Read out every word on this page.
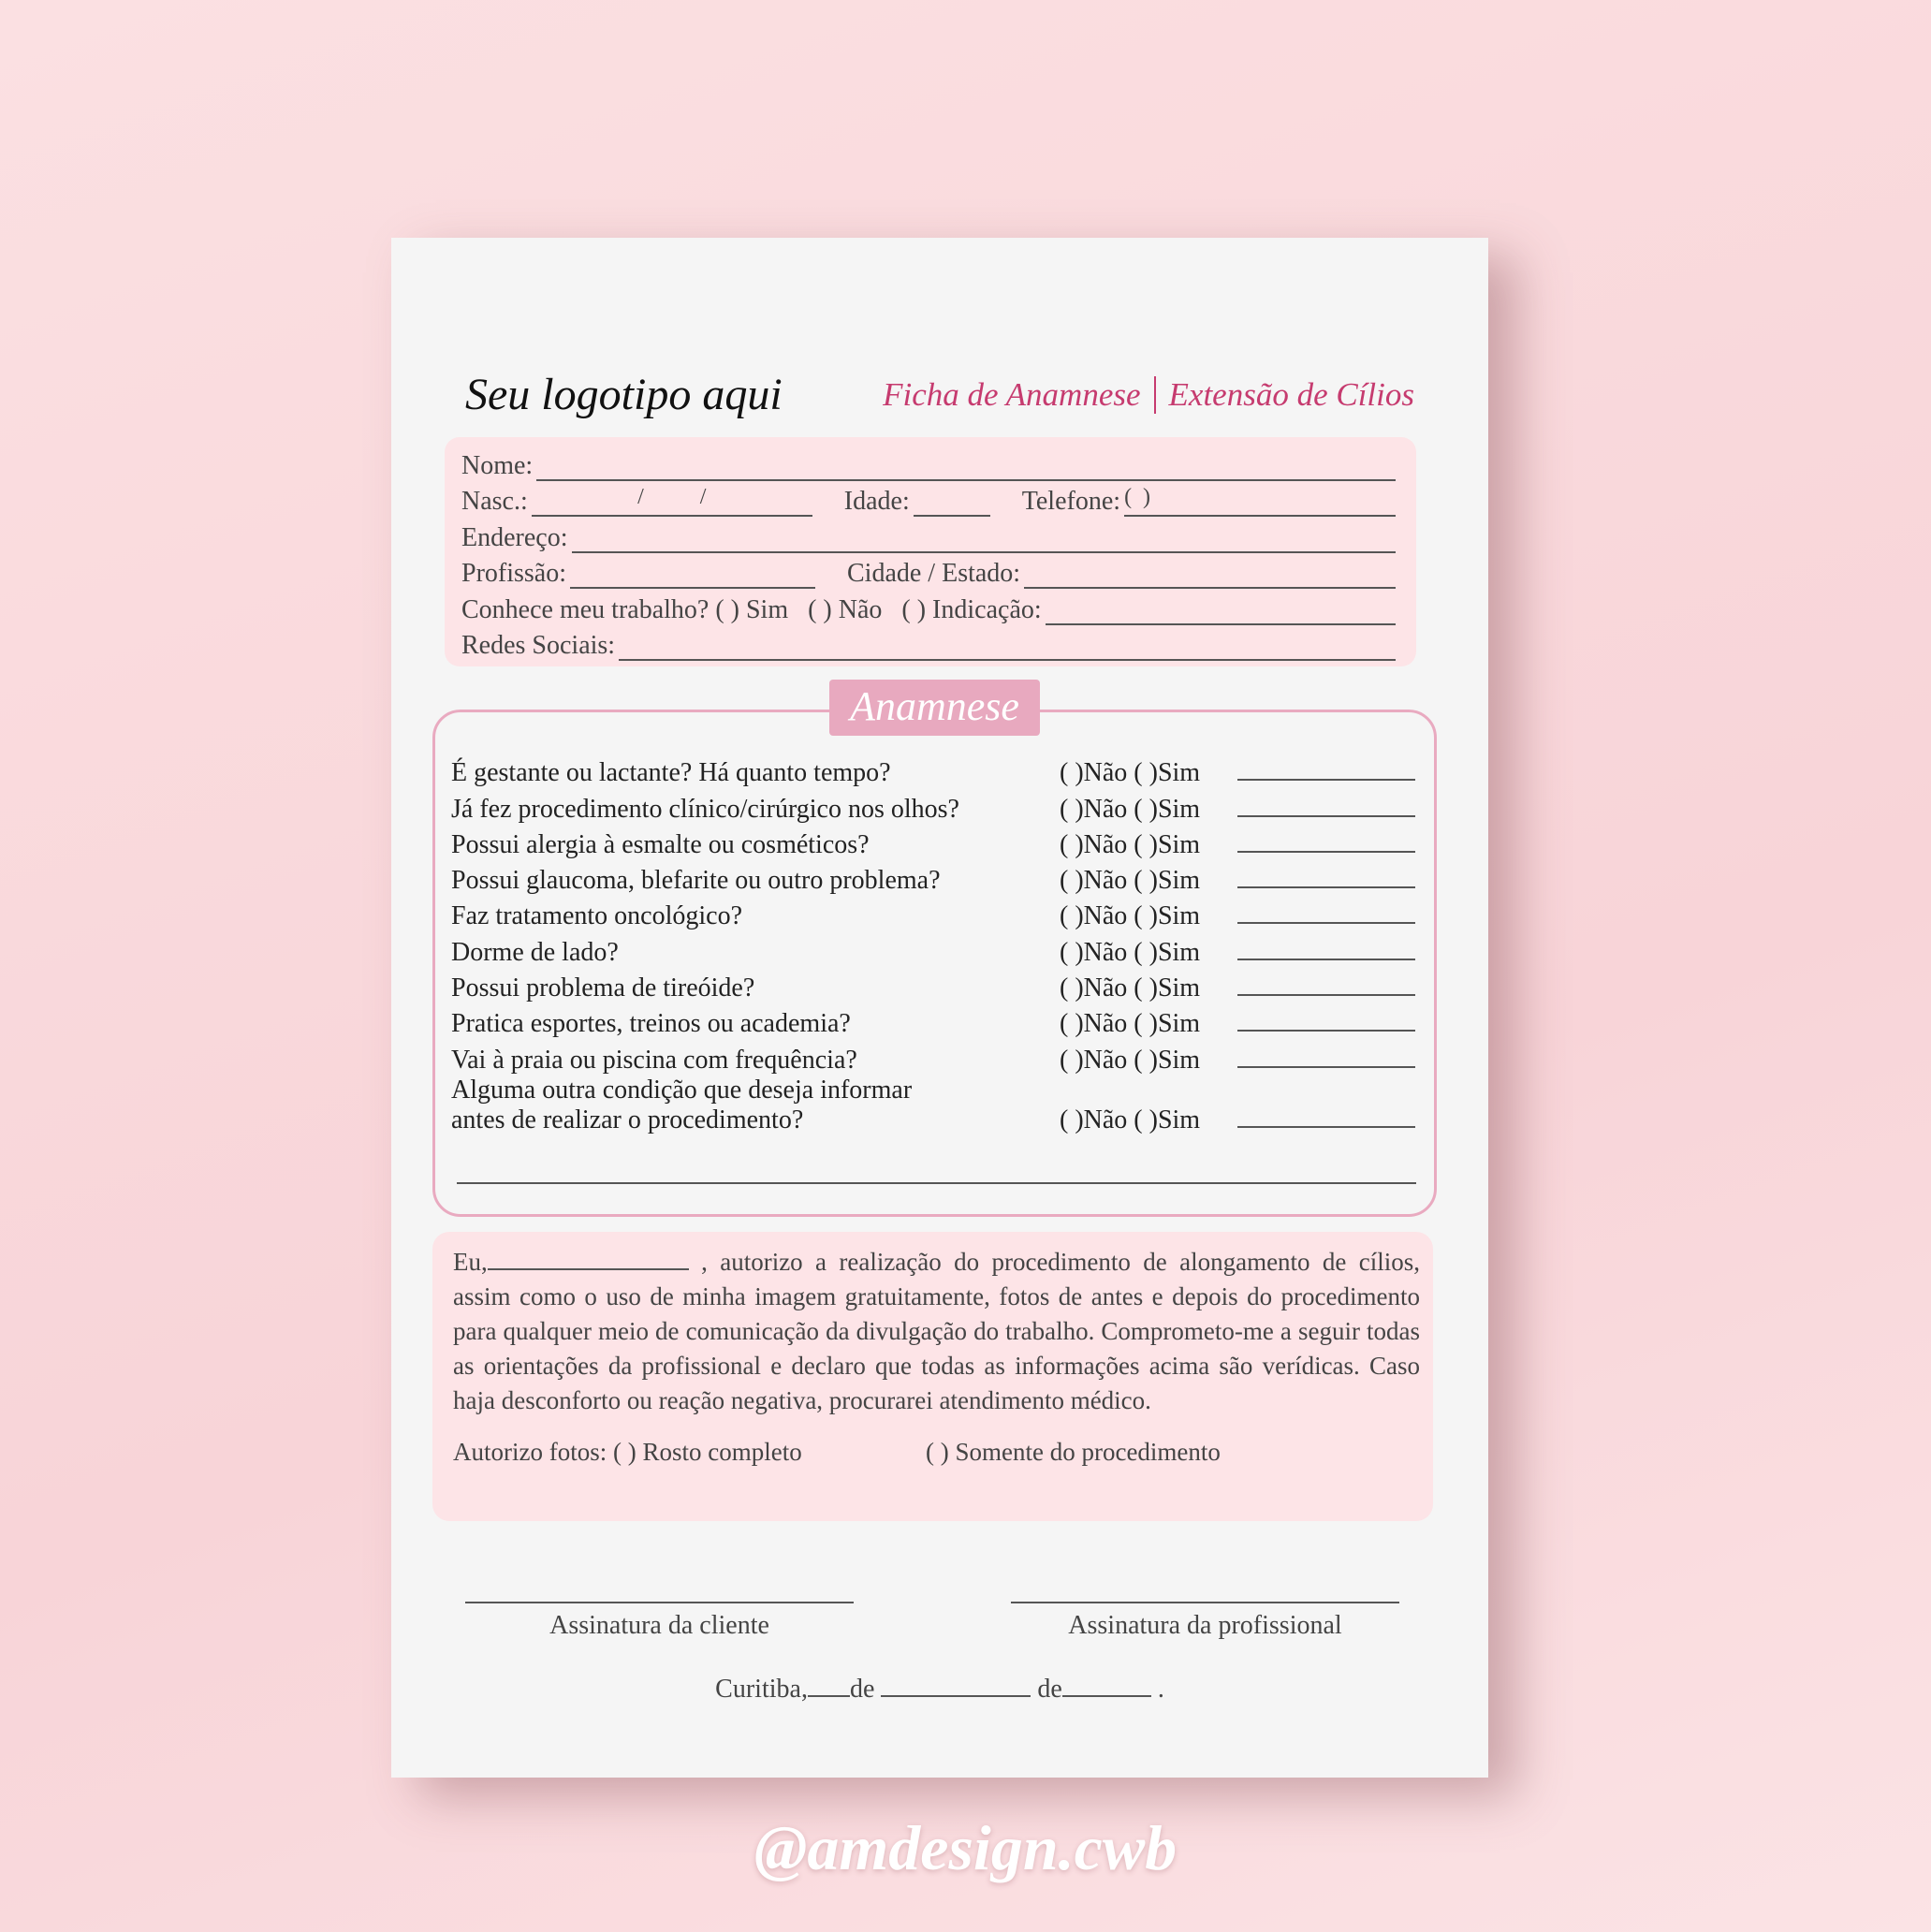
Seu logotipo aqui	Ficha de Anamnese Extensão de Cílios
Nome:
Nasc.:	/          /	Idade:	Telefone: (  )
Endereço:
Profissão:	Cidade / Estado:
Conhece meu trabalho? ( ) Sim   ( ) Não   ( ) Indicação:
Redes Sociais:
Anamnese
É gestante ou lactante? Há quanto tempo?	( )Não ( )Sim
Já fez procedimento clínico/cirúrgico nos olhos?	( )Não ( )Sim
Possui alergia à esmalte ou cosméticos?	( )Não ( )Sim
Possui glaucoma, blefarite ou outro problema?	( )Não ( )Sim
Faz tratamento oncológico?	( )Não ( )Sim
Dorme de lado?	( )Não ( )Sim
Possui problema de tireóide?	( )Não ( )Sim
Pratica esportes, treinos ou academia?	( )Não ( )Sim
Vai à praia ou piscina com frequência?	( )Não ( )Sim
Alguma outra condição que deseja informar
antes de realizar o procedimento?	( )Não ( )Sim

Eu,	, autorizo a realização do procedimento de alongamento de cílios, assim como o uso de minha imagem gratuitamente, fotos de antes e depois do procedimento para qualquer meio de comunicação da divulgação do trabalho. Comprometo-me a seguir todas as orientações da profissional e declaro que todas as informações acima são verídicas. Caso haja desconforto ou reação negativa, procurarei atendimento médico.

Autorizo fotos: ( ) Rosto completo	( ) Somente do procedimento
Assinatura da cliente	Assinatura da profissional
Curitiba, de	de	.
@amdesign.cwb
